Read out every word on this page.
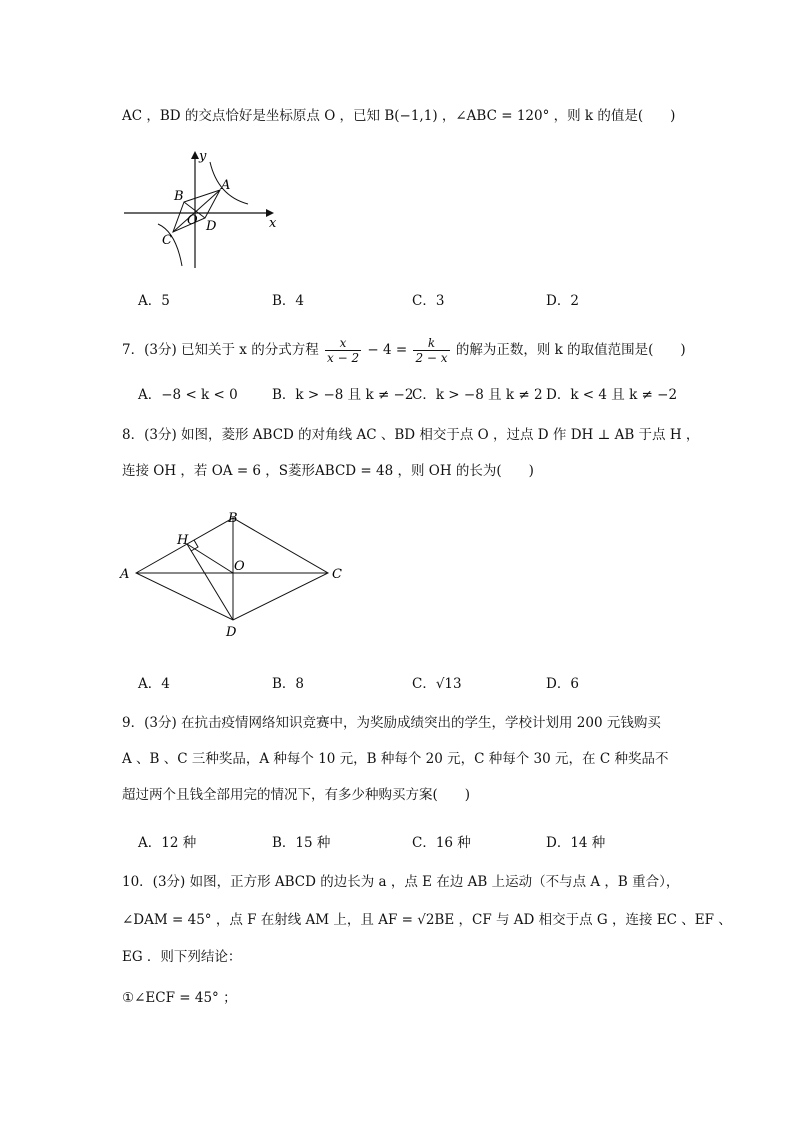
AC ，BD 的交点恰好是坐标原点 O ，已知 B(−1,1) ，∠ABC = 120° ，则 k 的值是(　　)
y
x
B
A
O D
C
A．5	B．4	C．3	D．2
7．(3分) 已知关于 x 的分式方程 $\frac{x}{x - 2} - 4 = \frac{k}{2 - x}$ 的解为正数，则 k 的取值范围是(　　)
A．−8 < k < 0	B．k > −8 且 k ≠ −2
C．k > −8 且 k ≠ 2 D．k < 4 且 k ≠ −2
8．(3分) 如图，菱形 ABCD 的对角线 AC 、BD 相交于点 O ，过点 D 作 DH ⊥ AB 于点 H ，
连接 OH ，若 OA = 6 ，S菱形ABCD = 48 ，则 OH 的长为(　　)
A
B
C
D
H
O
A．4	B．8	C．√13	D．6
9．(3分) 在抗击疫情网络知识竞赛中，为奖励成绩突出的学生，学校计划用 200 元钱购买
A 、B 、C 三种奖品，A 种每个 10 元，B 种每个 20 元，C 种每个 30 元，在 C 种奖品不
超过两个且钱全部用完的情况下，有多少种购买方案(　　)
A．12 种	B．15 种	C．16 种	D．14 种
10．(3分) 如图，正方形 ABCD 的边长为 a ，点 E 在边 AB 上运动（不与点 A ，B 重合），
∠DAM = 45° ，点 F 在射线 AM 上，且 AF = √2BE ，CF 与 AD 相交于点 G ，连接 EC 、EF 、
EG ．则下列结论：
①∠ECF = 45° ；
